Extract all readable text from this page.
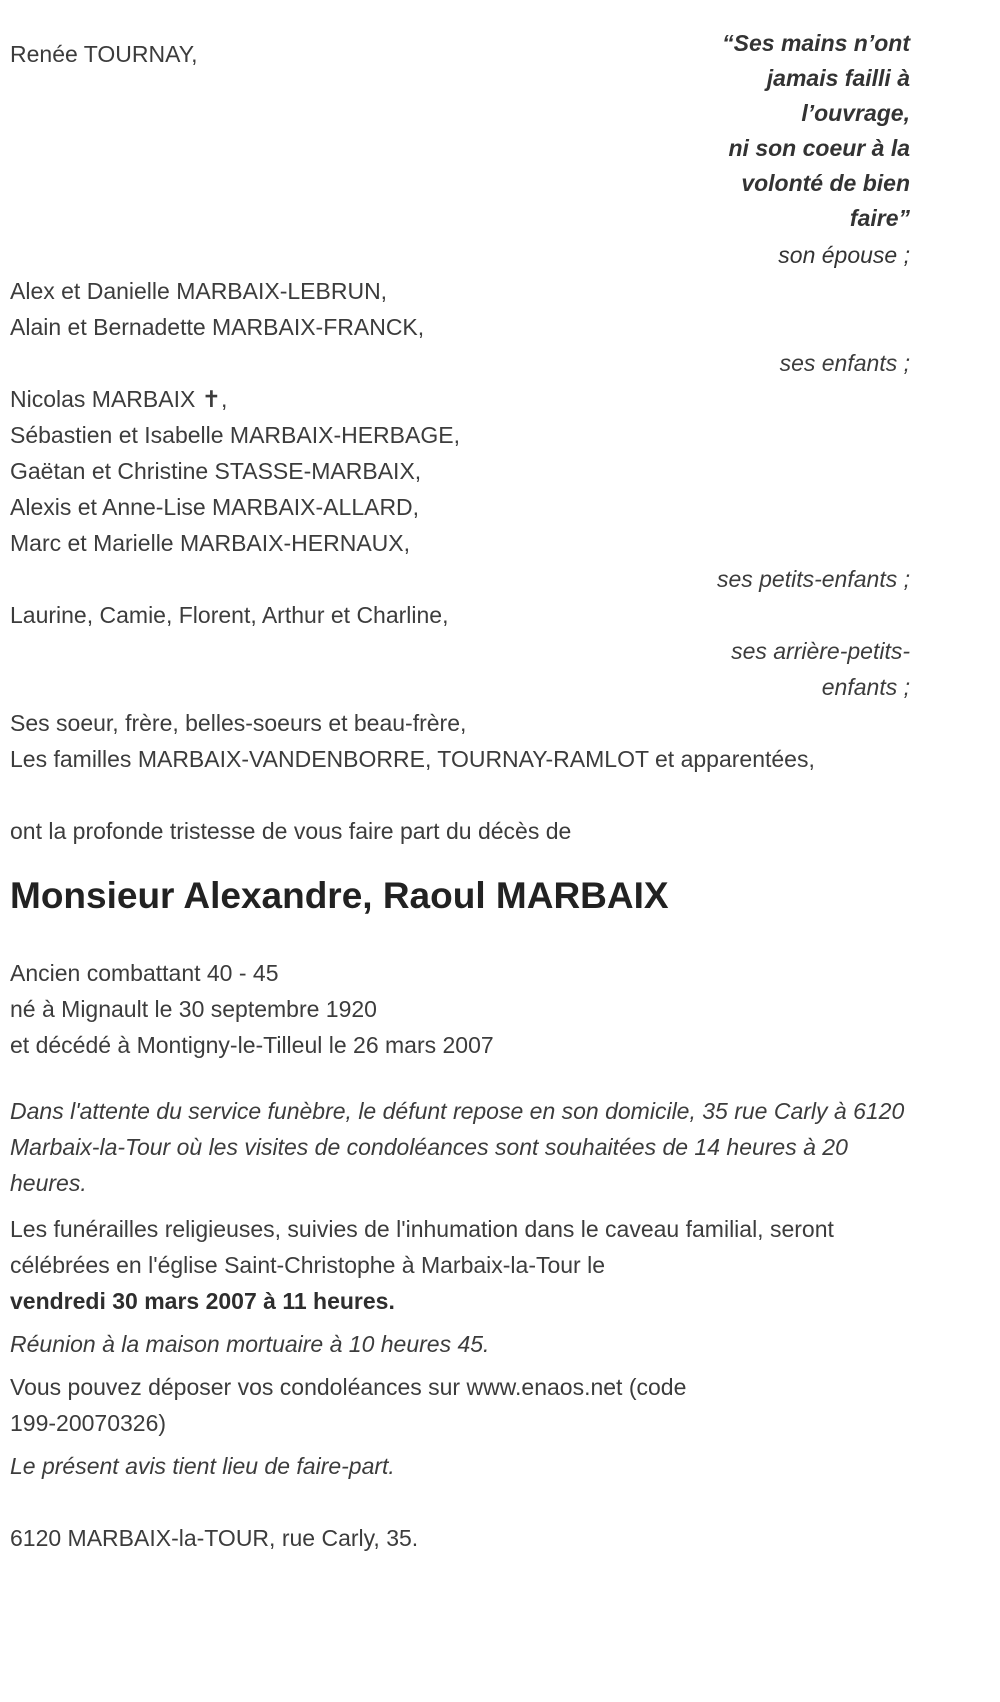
Renée TOURNAY,	“Ses mains n’ont
jamais failli à
l’ouvrage,
ni son coeur à la
volonté de bien
faire”
son épouse ;
Alex et Danielle MARBAIX-LEBRUN,
Alain et Bernadette MARBAIX-FRANCK,
ses enfants ;
Nicolas MARBAIX ✝,
Sébastien et Isabelle MARBAIX-HERBAGE,
Gaëtan et Christine STASSE-MARBAIX,
Alexis et Anne-Lise MARBAIX-ALLARD,
Marc et Marielle MARBAIX-HERNAUX,
ses petits-enfants ;
Laurine, Camie, Florent, Arthur et Charline,
ses arrière-petits-
enfants ;
Ses soeur, frère, belles-soeurs et beau-frère,
Les familles MARBAIX-VANDENBORRE, TOURNAY-RAMLOT et apparentées,

ont la profonde tristesse de vous faire part du décès de

Monsieur Alexandre, Raoul MARBAIX
Ancien combattant 40 - 45
né à Mignault le 30 septembre 1920
et décédé à Montigny-le-Tilleul le 26 mars 2007

Dans l'attente du service funèbre, le défunt repose en son domicile, 35 rue Carly à 6120 Marbaix-la-Tour où les visites de condoléances sont souhaitées de 14 heures à 20 heures.

Les funérailles religieuses, suivies de l'inhumation dans le caveau familial, seront célébrées en l'église Saint-Christophe à Marbaix-la-Tour le
vendredi 30 mars 2007 à 11 heures.

Réunion à la maison mortuaire à 10 heures 45.

Vous pouvez déposer vos condoléances sur www.enaos.net (code
199-20070326)

Le présent avis tient lieu de faire-part.

6120 MARBAIX-la-TOUR, rue Carly, 35.
